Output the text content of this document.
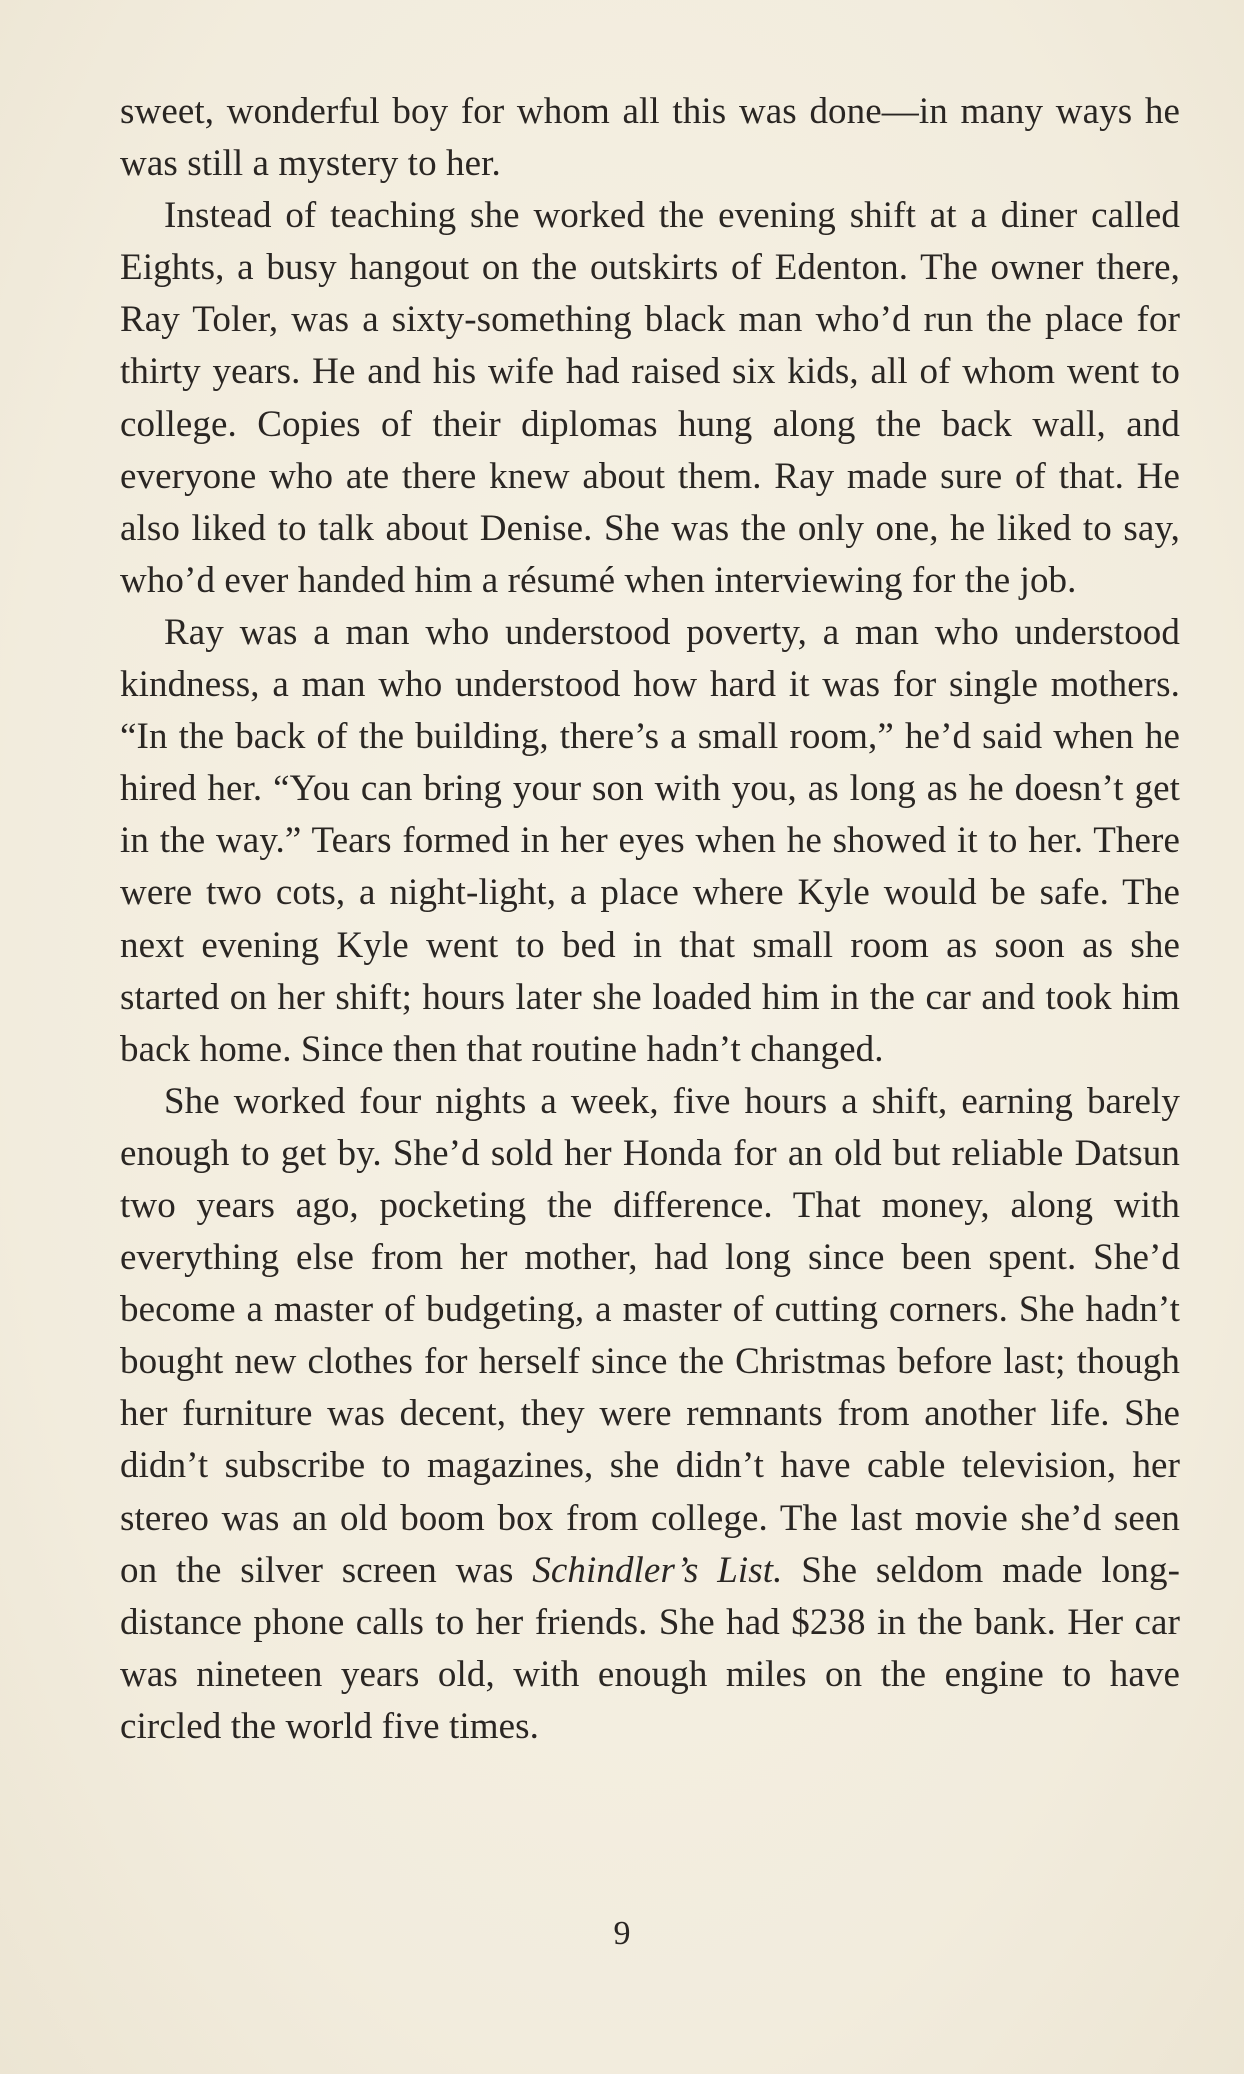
sweet, wonderful boy for whom all this was done—in many ways he was still a mystery to her.

Instead of teaching she worked the evening shift at a diner called Eights, a busy hangout on the outskirts of Edenton. The owner there, Ray Toler, was a sixty-something black man who’d run the place for thirty years. He and his wife had raised six kids, all of whom went to college. Copies of their diplomas hung along the back wall, and everyone who ate there knew about them. Ray made sure of that. He also liked to talk about Denise. She was the only one, he liked to say, who’d ever handed him a résumé when interviewing for the job.

Ray was a man who understood poverty, a man who understood kindness, a man who understood how hard it was for single mothers. “In the back of the building, there’s a small room,” he’d said when he hired her. “You can bring your son with you, as long as he doesn’t get in the way.” Tears formed in her eyes when he showed it to her. There were two cots, a night-light, a place where Kyle would be safe. The next evening Kyle went to bed in that small room as soon as she started on her shift; hours later she loaded him in the car and took him back home. Since then that routine hadn’t changed.

She worked four nights a week, five hours a shift, earning barely enough to get by. She’d sold her Honda for an old but reliable Datsun two years ago, pocketing the difference. That money, along with everything else from her mother, had long since been spent. She’d become a master of budgeting, a master of cutting corners. She hadn’t bought new clothes for herself since the Christmas before last; though her furniture was decent, they were remnants from another life. She didn’t subscribe to magazines, she didn’t have cable television, her stereo was an old boom box from college. The last movie she’d seen on the silver screen was Schindler’s List. She seldom made long-distance phone calls to her friends. She had $238 in the bank. Her car was nineteen years old, with enough miles on the engine to have circled the world five times.

9
